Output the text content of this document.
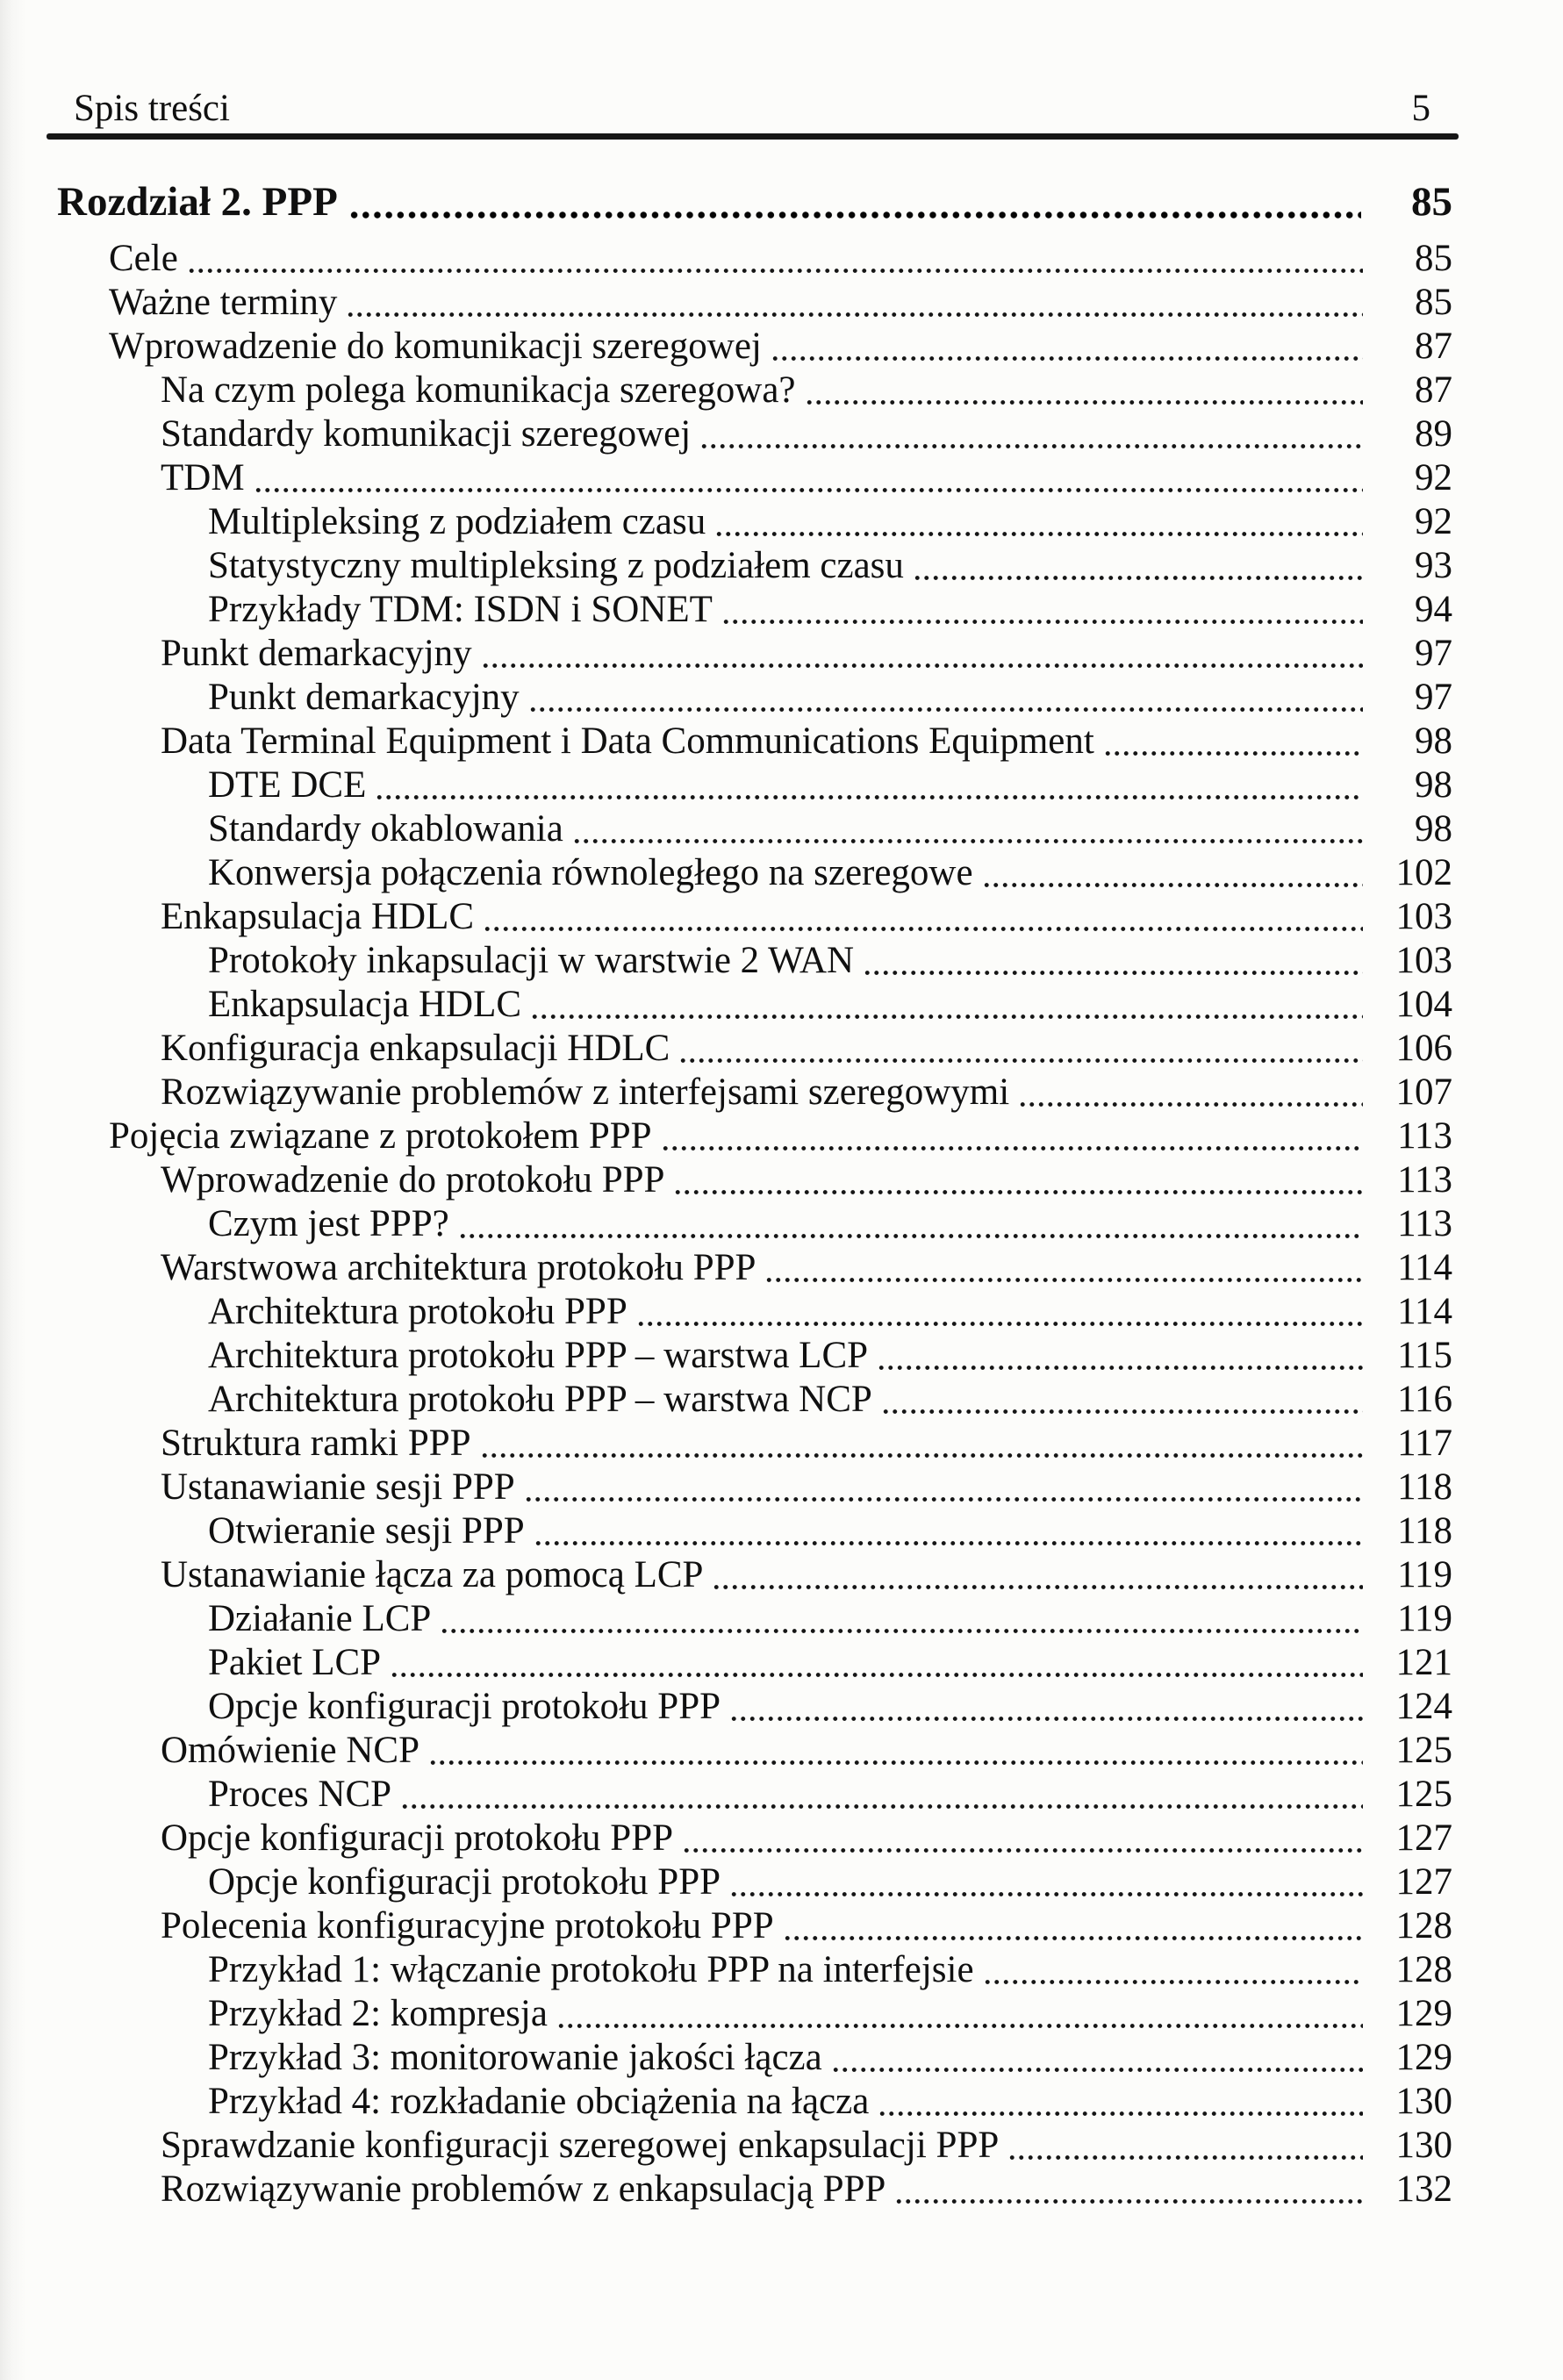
Spis treści	5
Rozdział 2. PPP	85
Cele	85
Ważne terminy	85
Wprowadzenie do komunikacji szeregowej	87
Na czym polega komunikacja szeregowa?	87
Standardy komunikacji szeregowej	89
TDM	92
Multipleksing z podziałem czasu	92
Statystyczny multipleksing z podziałem czasu	93
Przykłady TDM: ISDN i SONET	94
Punkt demarkacyjny	97
Punkt demarkacyjny	97
Data Terminal Equipment i Data Communications Equipment	98
DTE DCE	98
Standardy okablowania	98
Konwersja połączenia równoległego na szeregowe	102
Enkapsulacja HDLC	103
Protokoły inkapsulacji w warstwie 2 WAN	103
Enkapsulacja HDLC	104
Konfiguracja enkapsulacji HDLC	106
Rozwiązywanie problemów z interfejsami szeregowymi	107
Pojęcia związane z protokołem PPP	113
Wprowadzenie do protokołu PPP	113
Czym jest PPP?	113
Warstwowa architektura protokołu PPP	114
Architektura protokołu PPP	114
Architektura protokołu PPP – warstwa LCP	115
Architektura protokołu PPP – warstwa NCP	116
Struktura ramki PPP	117
Ustanawianie sesji PPP	118
Otwieranie sesji PPP	118
Ustanawianie łącza za pomocą LCP	119
Działanie LCP	119
Pakiet LCP	121
Opcje konfiguracji protokołu PPP	124
Omówienie NCP	125
Proces NCP	125
Opcje konfiguracji protokołu PPP	127
Opcje konfiguracji protokołu PPP	127
Polecenia konfiguracyjne protokołu PPP	128
Przykład 1: włączanie protokołu PPP na interfejsie	128
Przykład 2: kompresja	129
Przykład 3: monitorowanie jakości łącza	129
Przykład 4: rozkładanie obciążenia na łącza	130
Sprawdzanie konfiguracji szeregowej enkapsulacji PPP	130
Rozwiązywanie problemów z enkapsulacją PPP	132
